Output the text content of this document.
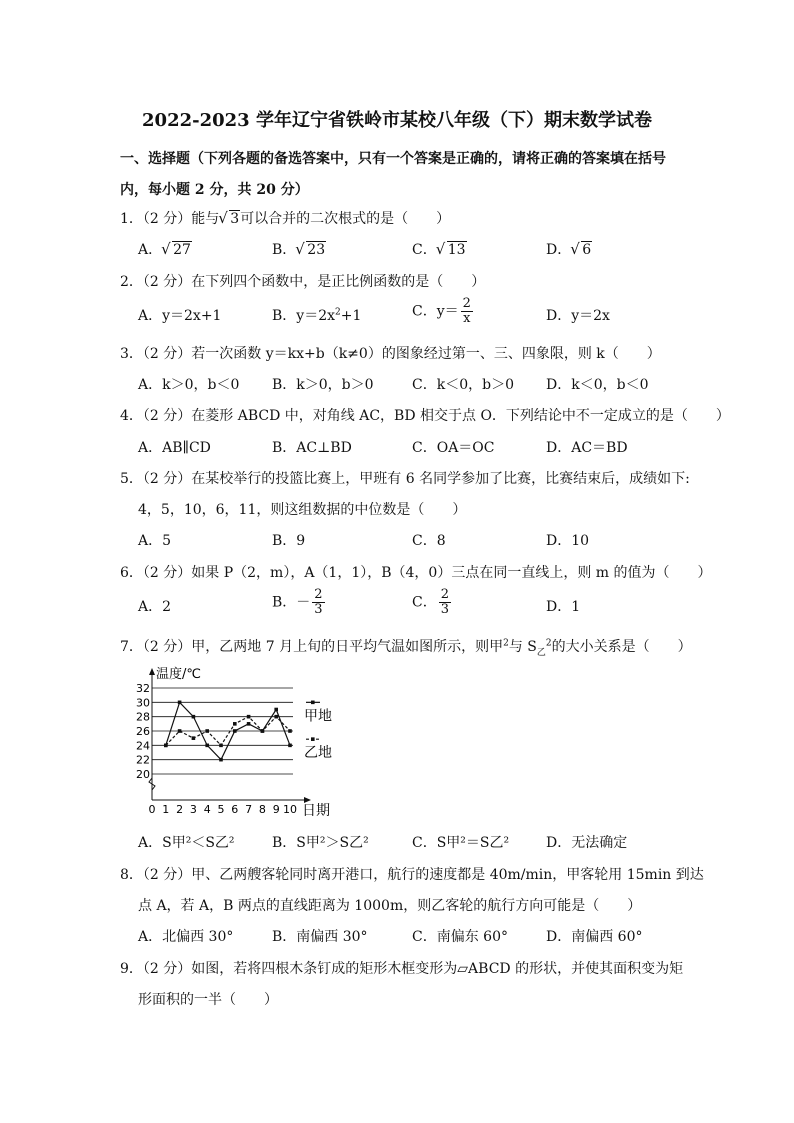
2022-2023 学年辽宁省铁岭市某校八年级（下）期末数学试卷
一、选择题（下列各题的备选答案中，只有一个答案是正确的，请将正确的答案填在括号
内，每小题 2 分，共 20 分）
1．（2 分）能与 √ 3可以合并的二次根式的是（　　）
A． √ 27	B． √ 23	C． √ 13	D． √ 6
2．（2 分）在下列四个函数中，是正比例函数的是（　　）
A．y＝2x+1	B．$y=2x^2+1$	C．$y= \frac{2}{x}$	D．y＝2x
3．（2 分）若一次函数 y＝kx+b（k≠0）的图象经过第一、三、四象限，则 k（　　）
A．k＞0，b＜0 B．k＞0，b＞0	C．k＜0，b＞0 D．k＜0，b＜0
4．（2 分）在菱形 ABCD 中，对角线 AC，BD 相交于点 O．下列结论中不一定成立的是（　　）
A．AB∥CD	B．AC⊥BD	C．OA＝OC	D．AC＝BD
5．（2 分）在某校举行的投篮比赛上，甲班有 6 名同学参加了比赛，比赛结束后，成绩如下:
4，5，10，6，11，则这组数据的中位数是（　　）
A．5	B．9	C．8	D．10
6．（2 分）如果 P（2，m），A（1，1），B（4，0）三点在同一直线上，则 m 的值为（　　）
A．2	B．－ $\frac{2}{3}$	C． $\frac{2}{3}$	D．1
7．（2 分）甲，乙两地 7 月上旬的日平均气温如图所示，则甲$^2$与 $S_乙^2$的大小关系是（　　）
20
22
24
26
28
30
32
0 1 2 3 4 5 6 7 8 9 10
温度/℃
日期
甲地
乙地
A．S甲²＜S乙²	B．S甲²＞S乙²	C．S甲²＝S乙²	D．无法确定
8．（2 分）甲、乙两艘客轮同时离开港口，航行的速度都是 40m/min，甲客轮用 15min 到达
点 A，若 A，B 两点的直线距离为 1000m，则乙客轮的航行方向可能是（　　）
A．北偏西 30°	B．南偏西 30°	C．南偏东 60°	D．南偏西 60°
9．（2 分）如图，若将四根木条钉成的矩形木框变形为▱ABCD 的形状，并使其面积变为矩
形面积的一半（　　）
